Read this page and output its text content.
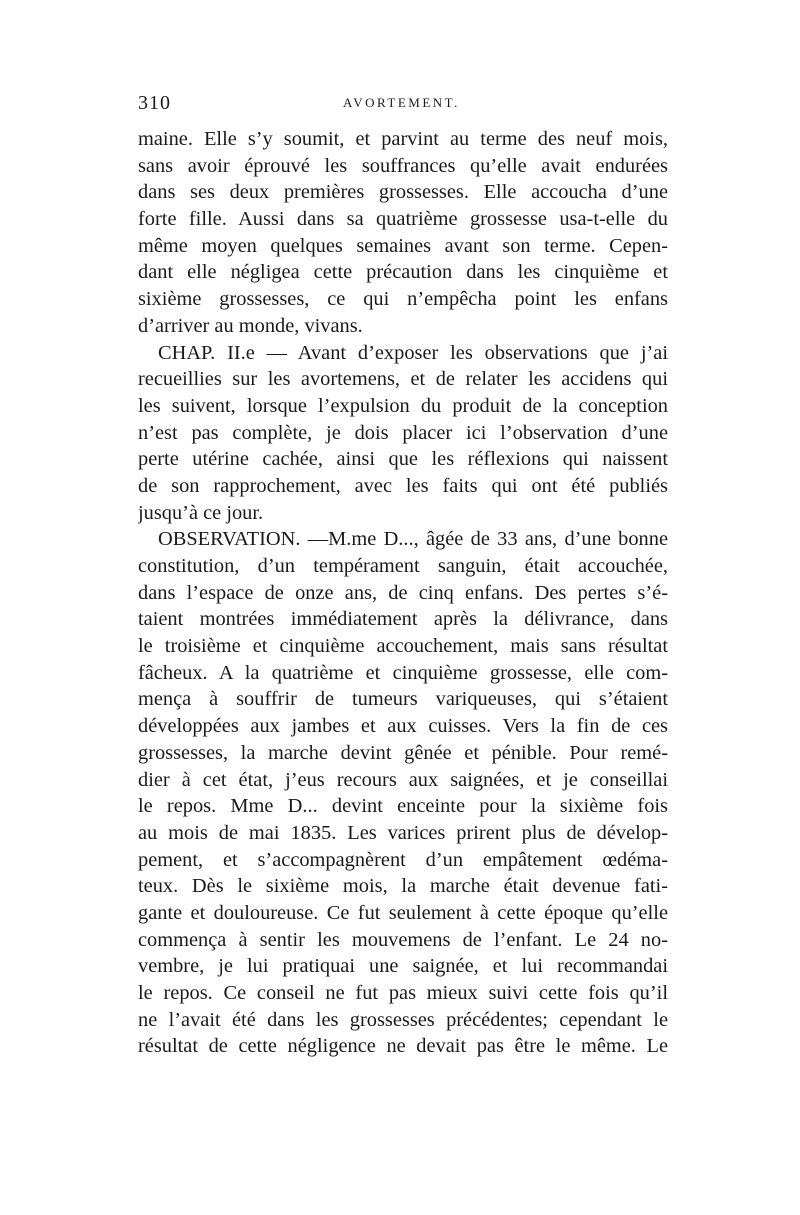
310	AVORTEMENT.
maine. Elle s’y soumit, et parvint au terme des neuf mois,
sans avoir éprouvé les souffrances qu’elle avait endurées
dans ses deux premières grossesses. Elle accoucha d’une
forte fille. Aussi dans sa quatrième grossesse usa-t-elle du
même moyen quelques semaines avant son terme. Cepen-
dant elle négligea cette précaution dans les cinquième et
sixième grossesses, ce qui n’empêcha point les enfans
d’arriver au monde, vivans.
CHAP. II.e — Avant d’exposer les observations que j’ai
recueillies sur les avortemens, et de relater les accidens qui
les suivent, lorsque l’expulsion du produit de la conception
n’est pas complète, je dois placer ici l’observation d’une
perte utérine cachée, ainsi que les réflexions qui naissent
de son rapprochement, avec les faits qui ont été publiés
jusqu’à ce jour.
OBSERVATION. —M.me D..., âgée de 33 ans, d’une bonne
constitution, d’un tempérament sanguin, était accouchée,
dans l’espace de onze ans, de cinq enfans. Des pertes s’é-
taient montrées immédiatement après la délivrance, dans
le troisième et cinquième accouchement, mais sans résultat
fâcheux. A la quatrième et cinquième grossesse, elle com-
mença à souffrir de tumeurs variqueuses, qui s’étaient
développées aux jambes et aux cuisses. Vers la fin de ces
grossesses, la marche devint gênée et pénible. Pour remé-
dier à cet état, j’eus recours aux saignées, et je conseillai
le repos. Mme D... devint enceinte pour la sixième fois
au mois de mai 1835. Les varices prirent plus de dévelop-
pement, et s’accompagnèrent d’un empâtement œdéma-
teux. Dès le sixième mois, la marche était devenue fati-
gante et douloureuse. Ce fut seulement à cette époque qu’elle
commença à sentir les mouvemens de l’enfant. Le 24 no-
vembre, je lui pratiquai une saignée, et lui recommandai
le repos. Ce conseil ne fut pas mieux suivi cette fois qu’il
ne l’avait été dans les grossesses précédentes; cependant le
résultat de cette négligence ne devait pas être le même. Le
